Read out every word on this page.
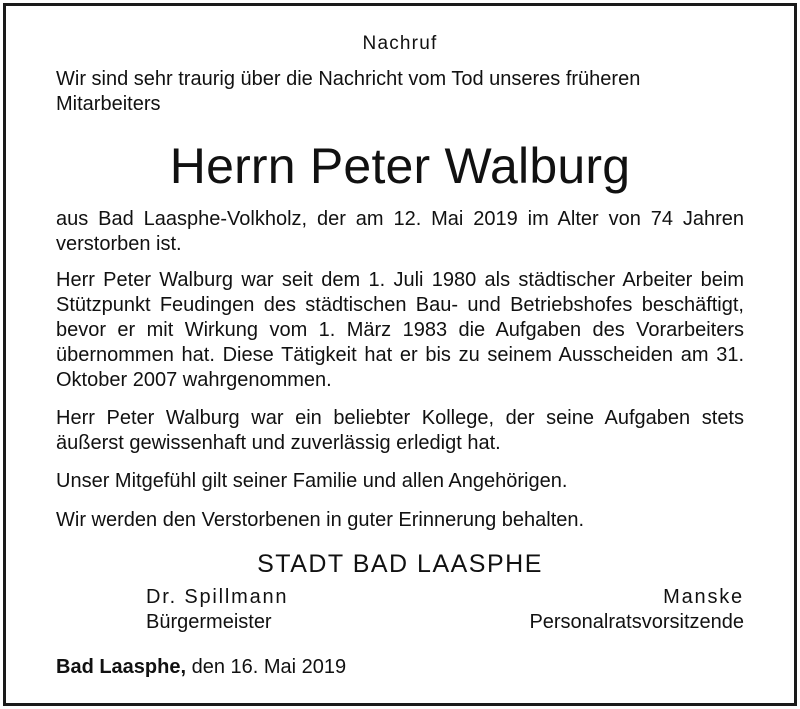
Nachruf
Wir sind sehr traurig über die Nachricht vom Tod unseres früheren Mitarbeiters
Herrn Peter Walburg
aus Bad Laasphe-Volkholz, der am 12. Mai 2019 im Alter von 74 Jahren verstorben ist.
Herr Peter Walburg war seit dem 1. Juli 1980 als städtischer Arbeiter beim Stützpunkt Feudingen des städtischen Bau- und Betriebshofes beschäftigt, bevor er mit Wirkung vom 1. März 1983 die Aufgaben des Vorarbeiters übernommen hat. Diese Tätigkeit hat er bis zu seinem Ausscheiden am 31. Oktober 2007 wahrgenommen.
Herr Peter Walburg war ein beliebter Kollege, der seine Aufgaben stets äußerst gewissenhaft und zuverlässig erledigt hat.
Unser Mitgefühl gilt seiner Familie und allen Angehörigen.
Wir werden den Verstorbenen in guter Erinnerung behalten.
STADT BAD LAASPHE
Dr. Spillmann
Bürgermeister
Manske
Personalratsvorsitzende
Bad Laasphe, den 16. Mai 2019
